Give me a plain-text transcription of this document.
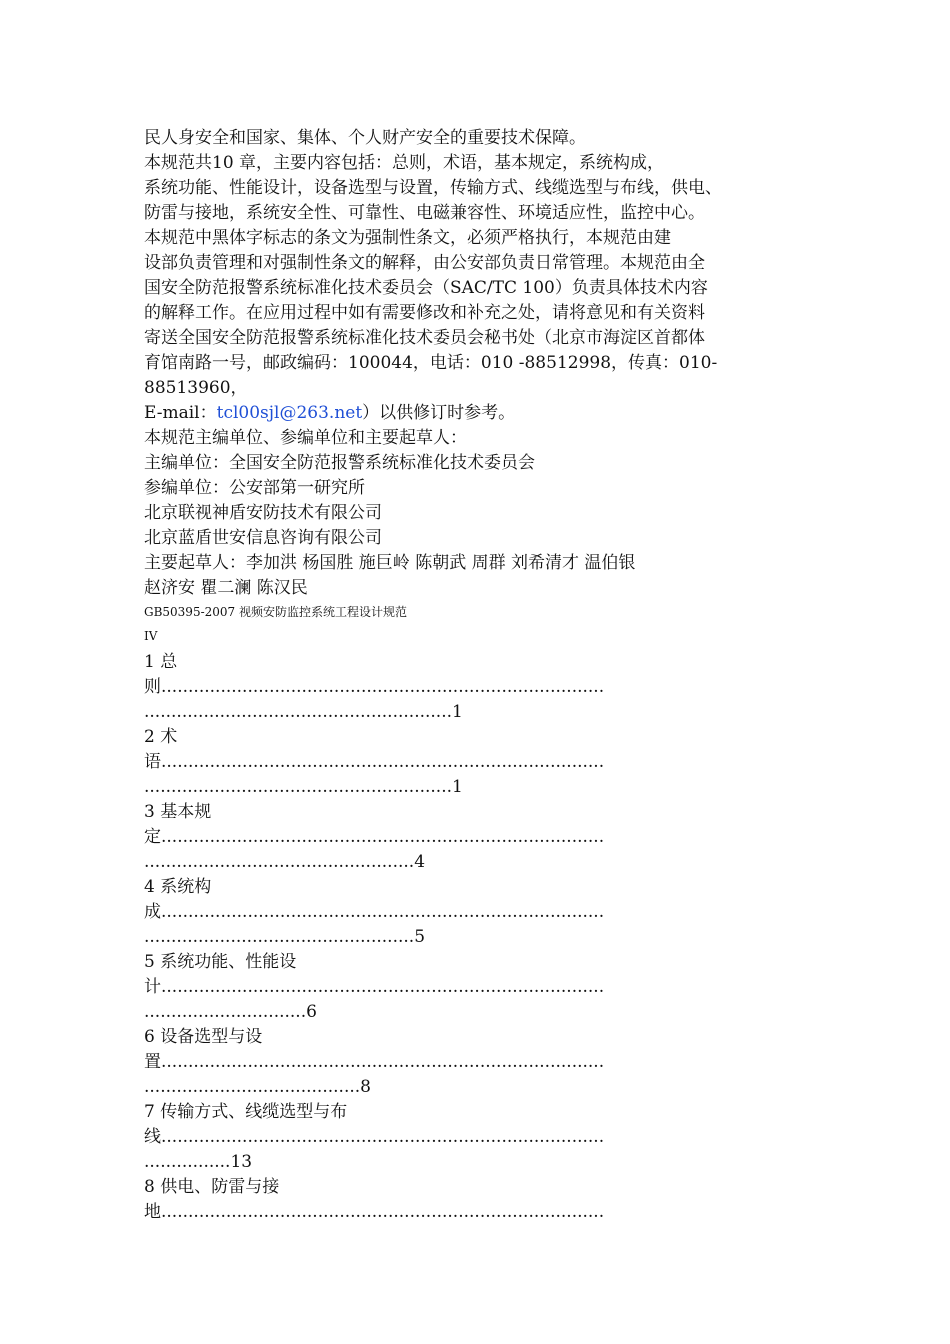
民人身安全和国家、集体、个人财产安全的重要技术保障。
本规范共10 章，主要内容包括：总则，术语，基本规定，系统构成，
系统功能、性能设计，设备选型与设置，传输方式、线缆选型与布线，供电、
防雷与接地，系统安全性、可靠性、电磁兼容性、环境适应性，监控中心。
本规范中黑体字标志的条文为强制性条文，必须严格执行，本规范由建
设部负责管理和对强制性条文的解释，由公安部负责日常管理。本规范由全
国安全防范报警系统标准化技术委员会（SAC/TC 100）负责具体技术内容
的解释工作。在应用过程中如有需要修改和补充之处，请将意见和有关资料
寄送全国安全防范报警系统标准化技术委员会秘书处（北京市海淀区首都体
育馆南路一号，邮政编码：100044，电话：010 -88512998，传真：010-
88513960，
E-mail：tcl00sjl@263.net）以供修订时参考。
本规范主编单位、参编单位和主要起草人：
主编单位：全国安全防范报警系统标准化技术委员会
参编单位：公安部第一研究所
北京联视神盾安防技术有限公司
北京蓝盾世安信息咨询有限公司
主要起草人：李加洪 杨国胜 施巨岭 陈朝武 周群 刘希清才 温伯银
赵济安 瞿二澜 陈汉民
GB50395-2007 视频安防监控系统工程设计规范
IV
1 总
则..................................................................................
.........................................................1
2 术
语..................................................................................
.........................................................1
3 基本规
定..................................................................................
..................................................4
4 系统构
成..................................................................................
..................................................5
5 系统功能、性能设
计..................................................................................
..............................6
6 设备选型与设
置..................................................................................
........................................8
7 传输方式、线缆选型与布
线..................................................................................
................13
8 供电、防雷与接
地..................................................................................
